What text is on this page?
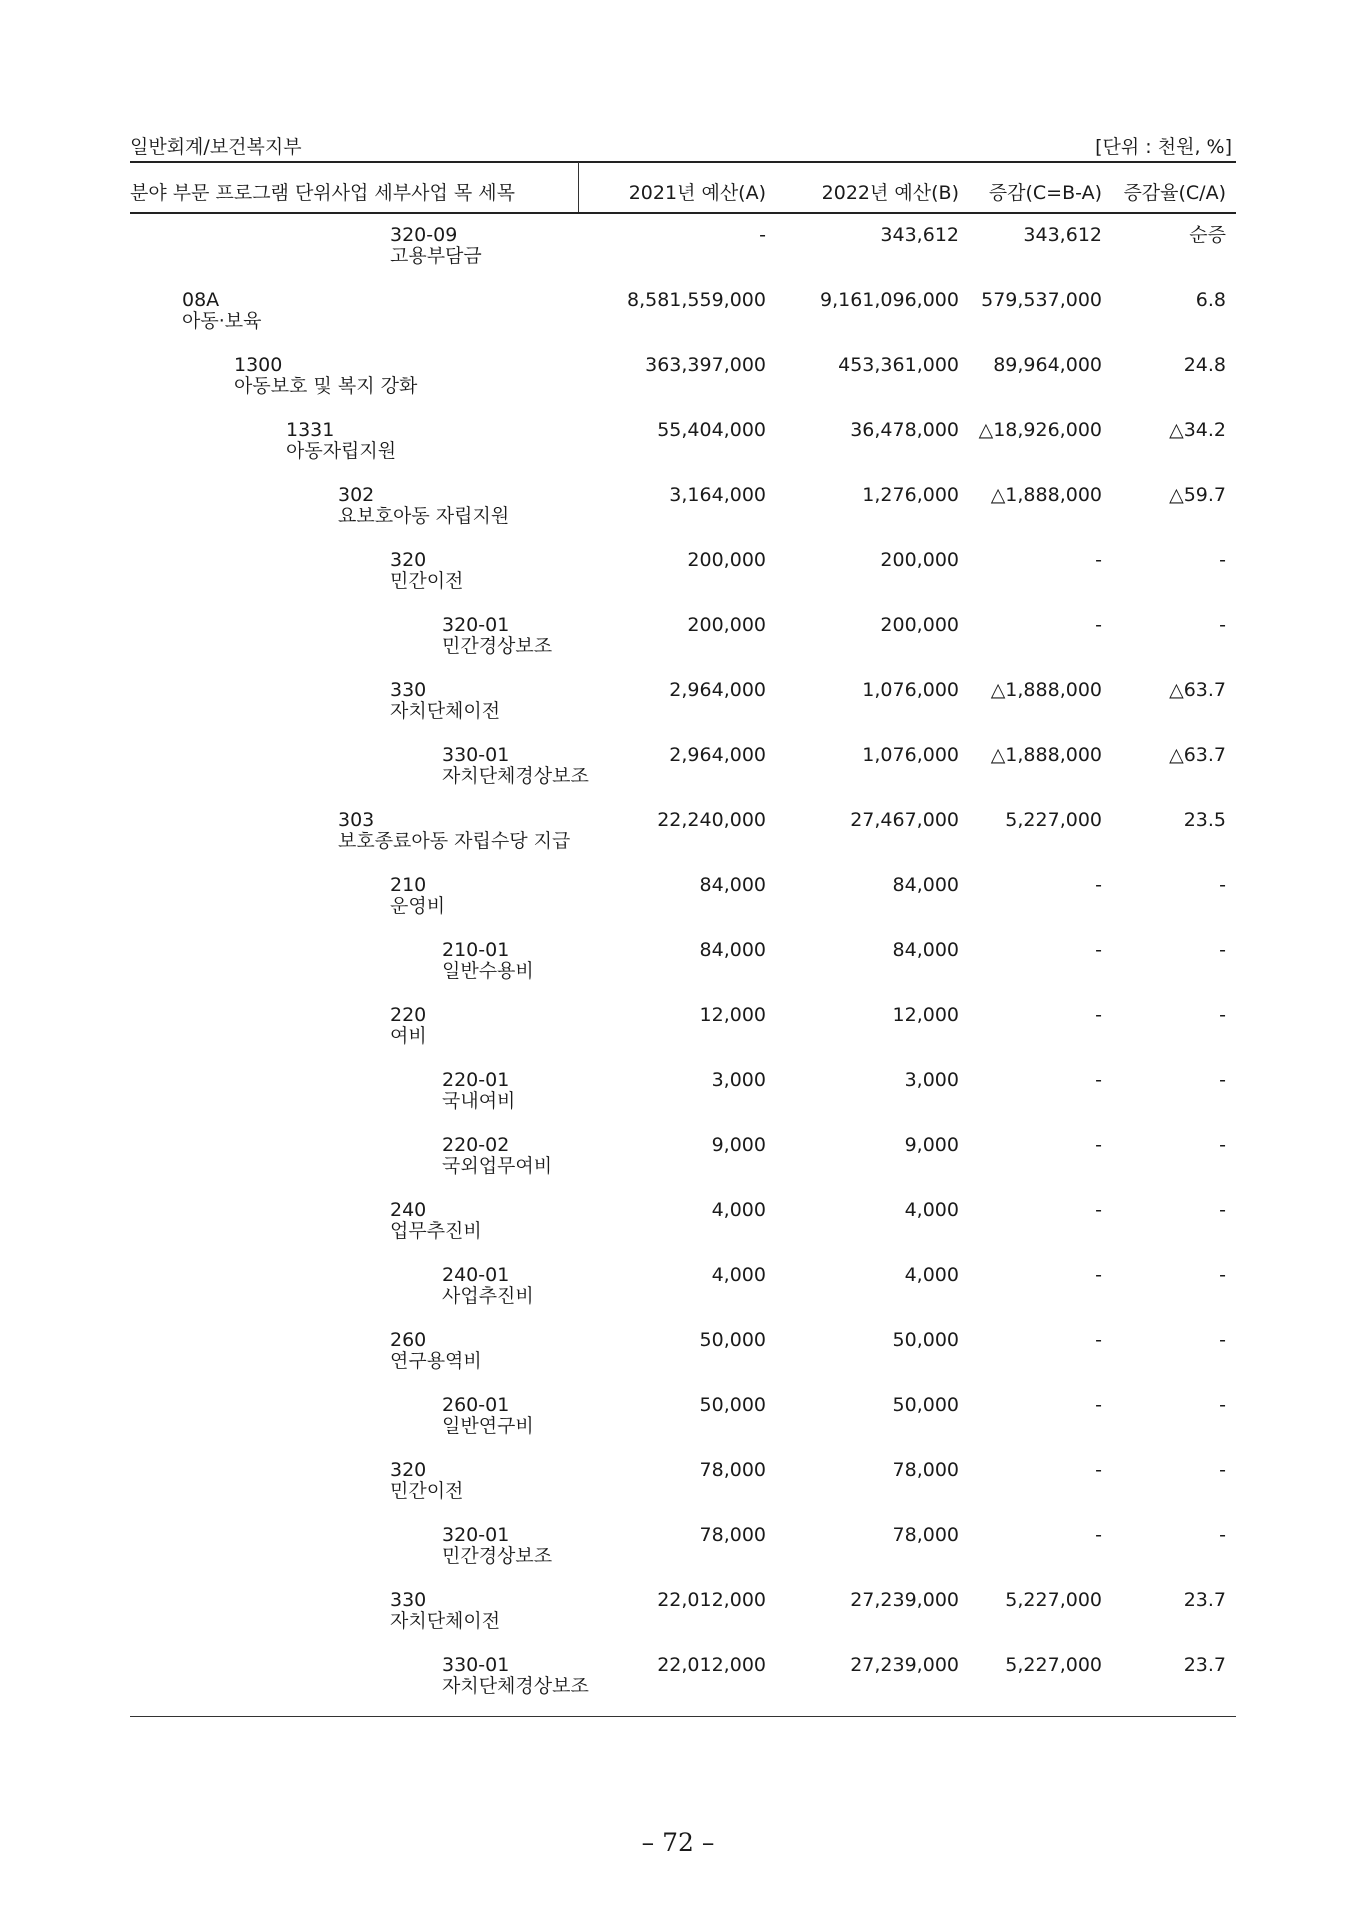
일반회계/보건복지부	[단위 : 천원, %]
분야 부문 프로그램 단위사업 세부사업 목 세목	2021년 예산(A)	2022년 예산(B) 증감(C=B-A) 증감율(C/A)
320-09
고용부담금
-	343,612	343,612	순증
08A
아동·보육
8,581,559,000	9,161,096,000 579,537,000	6.8
1300
아동보호 및 복지 강화
363,397,000	453,361,000 89,964,000	24.8
1331
아동자립지원
55,404,000	36,478,000 △18,926,000	△34.2
302
요보호아동 자립지원
3,164,000	1,276,000 △1,888,000	△59.7
320
민간이전
200,000	200,000	-	-
320-01
민간경상보조
200,000	200,000	-	-
330
자치단체이전
2,964,000	1,076,000 △1,888,000	△63.7
330-01
자치단체경상보조
2,964,000	1,076,000 △1,888,000	△63.7
303
보호종료아동 자립수당 지급
22,240,000	27,467,000 5,227,000	23.5
210
운영비
84,000	84,000	-	-
210-01
일반수용비
84,000	84,000	-	-
220
여비
12,000	12,000	-	-
220-01
국내여비
3,000	3,000	-	-
220-02
국외업무여비
9,000	9,000	-	-
240
업무추진비
4,000	4,000	-	-
240-01
사업추진비
4,000	4,000	-	-
260
연구용역비
50,000	50,000	-	-
260-01
일반연구비
50,000	50,000	-	-
320
민간이전
78,000	78,000	-	-
320-01
민간경상보조
78,000	78,000	-	-
330
자치단체이전
22,012,000	27,239,000 5,227,000	23.7
330-01
자치단체경상보조
22,012,000	27,239,000 5,227,000	23.7
– 72 –
